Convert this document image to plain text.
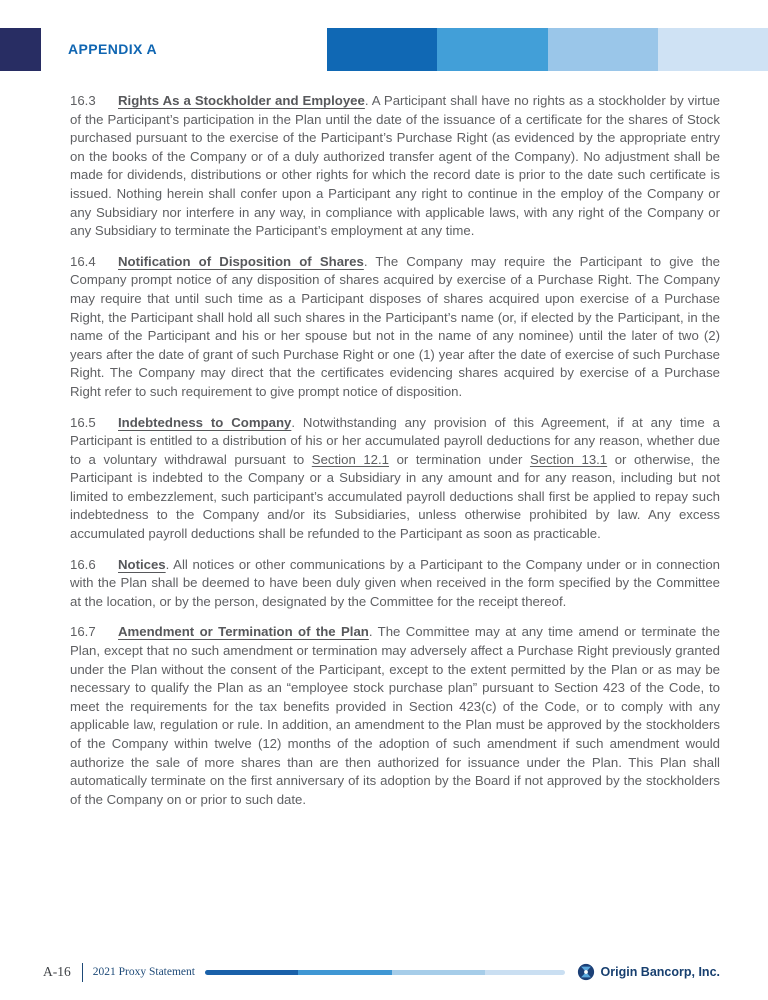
APPENDIX A

16.3 Rights As a Stockholder and Employee. A Participant shall have no rights as a stockholder by virtue of the Participant’s participation in the Plan until the date of the issuance of a certificate for the shares of Stock purchased pursuant to the exercise of the Participant’s Purchase Right (as evidenced by the appropriate entry on the books of the Company or of a duly authorized transfer agent of the Company). No adjustment shall be made for dividends, distributions or other rights for which the record date is prior to the date such certificate is issued. Nothing herein shall confer upon a Participant any right to continue in the employ of the Company or any Subsidiary nor interfere in any way, in compliance with applicable laws, with any right of the Company or any Subsidiary to terminate the Participant’s employment at any time.

16.4 Notification of Disposition of Shares. The Company may require the Participant to give the Company prompt notice of any disposition of shares acquired by exercise of a Purchase Right. The Company may require that until such time as a Participant disposes of shares acquired upon exercise of a Purchase Right, the Participant shall hold all such shares in the Participant’s name (or, if elected by the Participant, in the name of the Participant and his or her spouse but not in the name of any nominee) until the later of two (2) years after the date of grant of such Purchase Right or one (1) year after the date of exercise of such Purchase Right. The Company may direct that the certificates evidencing shares acquired by exercise of a Purchase Right refer to such requirement to give prompt notice of disposition.

16.5 Indebtedness to Company. Notwithstanding any provision of this Agreement, if at any time a Participant is entitled to a distribution of his or her accumulated payroll deductions for any reason, whether due to a voluntary withdrawal pursuant to Section 12.1 or termination under Section 13.1 or otherwise, the Participant is indebted to the Company or a Subsidiary in any amount and for any reason, including but not limited to embezzlement, such participant’s accumulated payroll deductions shall first be applied to repay such indebtedness to the Company and/or its Subsidiaries, unless otherwise prohibited by law. Any excess accumulated payroll deductions shall be refunded to the Participant as soon as practicable.

16.6 Notices. All notices or other communications by a Participant to the Company under or in connection with the Plan shall be deemed to have been duly given when received in the form specified by the Committee at the location, or by the person, designated by the Committee for the receipt thereof.

16.7 Amendment or Termination of the Plan. The Committee may at any time amend or terminate the Plan, except that no such amendment or termination may adversely affect a Purchase Right previously granted under the Plan without the consent of the Participant, except to the extent permitted by the Plan or as may be necessary to qualify the Plan as an “employee stock purchase plan” pursuant to Section 423 of the Code, to meet the requirements for the tax benefits provided in Section 423(c) of the Code, or to comply with any applicable law, regulation or rule. In addition, an amendment to the Plan must be approved by the stockholders of the Company within twelve (12) months of the adoption of such amendment if such amendment would authorize the sale of more shares than are then authorized for issuance under the Plan. This Plan shall automatically terminate on the first anniversary of its adoption by the Board if not approved by the stockholders of the Company on or prior to such date.

A-16 2021 Proxy Statement	Origin Bancorp, Inc.
